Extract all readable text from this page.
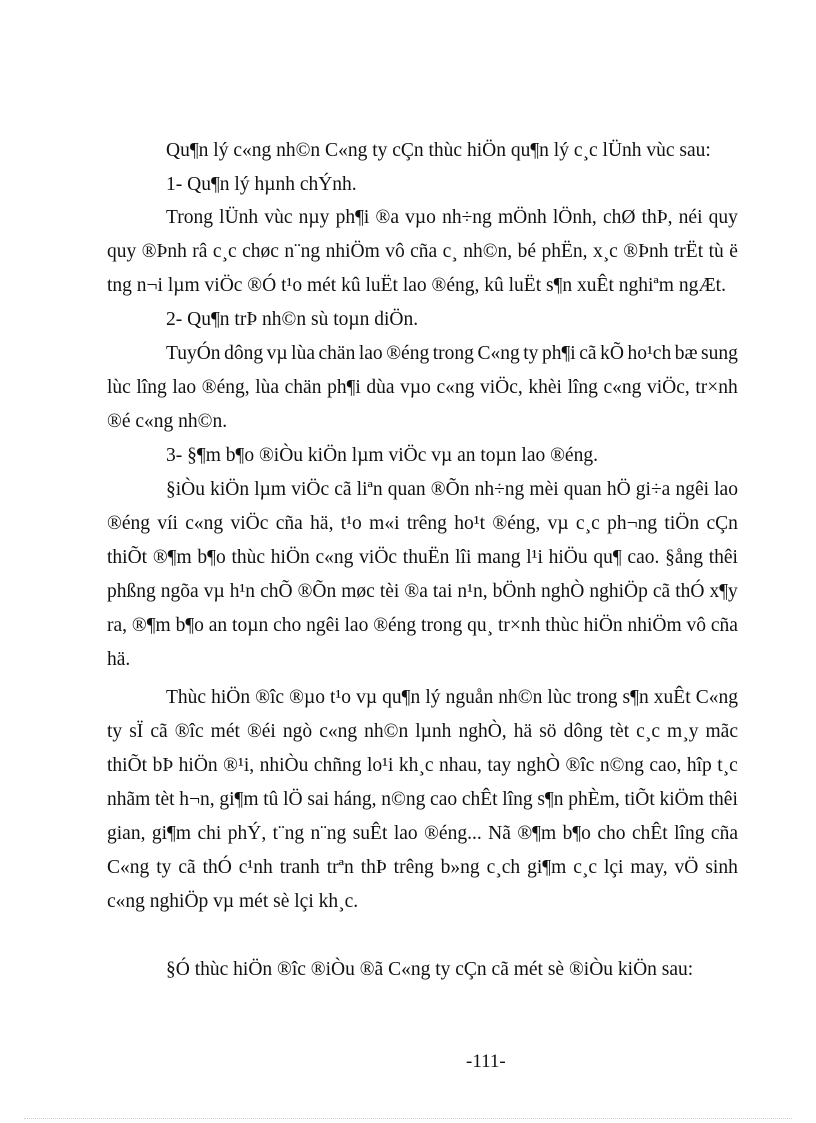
Qu¶n lý c«ng nh©n C«ng ty cÇn thùc hiÖn qu¶n lý c¸c lÜnh vùc sau:
1- Qu¶n lý hµnh chÝnh.
Trong lÜnh vùc nµy ph¶i ®a vµo nh÷ng mÖnh lÖnh, chØ thÞ, néi quy
quy ®Þnh râ c¸c chøc n¨ng nhiÖm vô cña c¸ nh©n, bé phËn, x¸c ®Þnh trËt tù ë
tng n¬i lµm viÖc ®Ó t¹o mét kû luËt lao ®éng, kû luËt s¶n xuÊt nghiªm ngÆt.
2- Qu¶n trÞ nh©n sù toµn diÖn.
TuyÓn dông vµ lùa chän lao ®éng trong C«ng ty ph¶i cã kÕ ho¹ch bæ sung
lùc lîng lao ®éng, lùa chän ph¶i dùa vµo c«ng viÖc, khèi lîng c«ng viÖc, tr×nh
®é c«ng nh©n.
3- §¶m b¶o ®iÒu kiÖn lµm viÖc vµ an toµn lao ®éng.
§iÒu kiÖn lµm viÖc cã liªn quan ®Õn nh÷ng mèi quan hÖ gi÷a ngêi lao
®éng víi c«ng viÖc cña hä, t¹o m«i trêng ho¹t ®éng, vµ c¸c ph¬ng tiÖn cÇn
thiÕt ®¶m b¶o thùc hiÖn c«ng viÖc thuËn lîi mang l¹i hiÖu qu¶ cao. §ång thêi
phßng ngõa vµ h¹n chÕ ®Õn møc tèi ®a tai n¹n, bÖnh nghÒ nghiÖp cã thÓ x¶y
ra, ®¶m b¶o an toµn cho ngêi lao ®éng trong qu¸ tr×nh thùc hiÖn nhiÖm vô cña
hä.
Thùc hiÖn ®îc ®µo t¹o vµ qu¶n lý nguån nh©n lùc trong s¶n xuÊt C«ng
ty sÏ cã ®îc mét ®éi ngò c«ng nh©n lµnh nghÒ, hä sö dông tèt c¸c m¸y mãc
thiÕt bÞ hiÖn ®¹i, nhiÒu chñng lo¹i kh¸c nhau, tay nghÒ ®îc n©ng cao, hîp t¸c
nhãm tèt h¬n, gi¶m tû lÖ sai háng, n©ng cao chÊt lîng s¶n phÈm, tiÕt kiÖm thêi
gian, gi¶m chi phÝ, t¨ng n¨ng suÊt lao ®éng... Nã ®¶m b¶o cho chÊt lîng cña
C«ng ty cã thÓ c¹nh tranh trªn thÞ trêng b»ng c¸ch gi¶m c¸c lçi may, vÖ sinh
c«ng nghiÖp vµ mét sè lçi kh¸c.
§Ó thùc hiÖn ®îc ®iÒu ®ã C«ng ty cÇn cã mét sè ®iÒu kiÖn sau:
-111-
